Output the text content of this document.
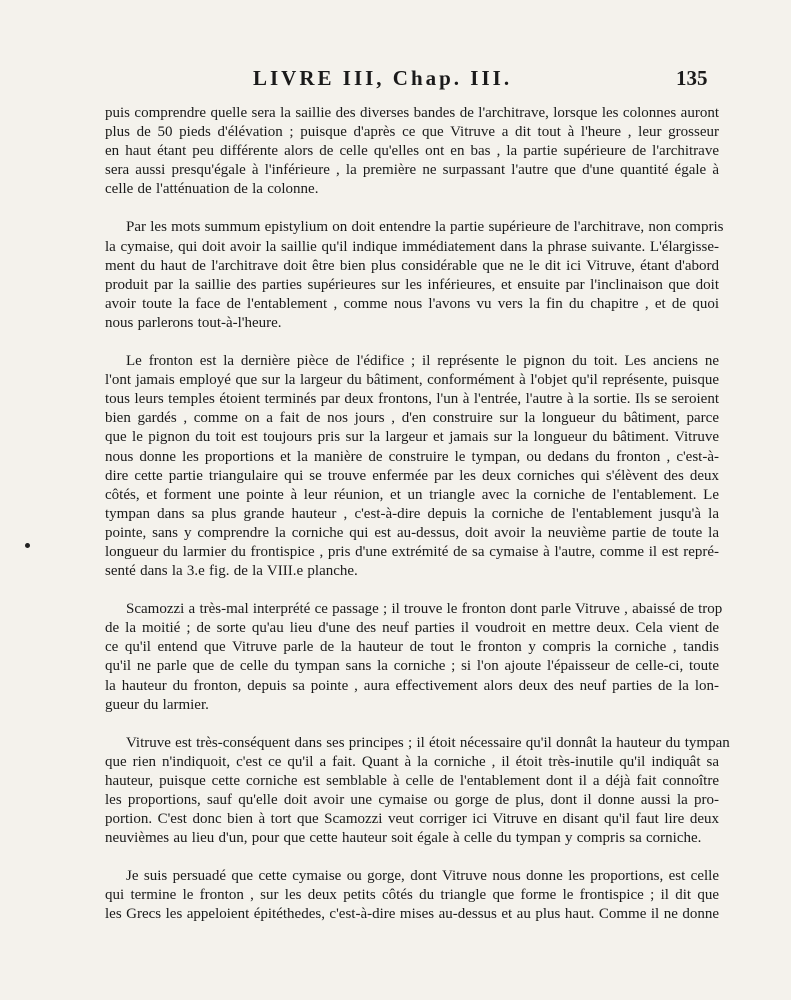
LIVRE III, Chap. III.	135
puis comprendre quelle sera la saillie des diverses bandes de l'architrave, lorsque les colonnes auront
plus de 50 pieds d'élévation ; puisque d'après ce que Vitruve a dit tout à l'heure , leur grosseur
en haut étant peu différente alors de celle qu'elles ont en bas , la partie supérieure de l'architrave
sera aussi presqu'égale à l'inférieure , la première ne surpassant l'autre que d'une quantité égale à
celle de l'atténuation de la colonne.
Par les mots summum epistylium on doit entendre la partie supérieure de l'architrave, non compris
la cymaise, qui doit avoir la saillie qu'il indique immédiatement dans la phrase suivante. L'élargisse-
ment du haut de l'architrave doit être bien plus considérable que ne le dit ici Vitruve, étant d'abord
produit par la saillie des parties supérieures sur les inférieures, et ensuite par l'inclinaison que doit
avoir toute la face de l'entablement , comme nous l'avons vu vers la fin du chapitre , et de quoi
nous parlerons tout-à-l'heure.
Le fronton est la dernière pièce de l'édifice ; il représente le pignon du toit. Les anciens ne
l'ont jamais employé que sur la largeur du bâtiment, conformément à l'objet qu'il représente, puisque
tous leurs temples étoient terminés par deux frontons, l'un à l'entrée, l'autre à la sortie. Ils se seroient
bien gardés , comme on a fait de nos jours , d'en construire sur la longueur du bâtiment, parce
que le pignon du toit est toujours pris sur la largeur et jamais sur la longueur du bâtiment. Vitruve
nous donne les proportions et la manière de construire le tympan, ou dedans du fronton , c'est-à-
dire cette partie triangulaire qui se trouve enfermée par les deux corniches qui s'élèvent des deux
côtés, et forment une pointe à leur réunion, et un triangle avec la corniche de l'entablement. Le
tympan dans sa plus grande hauteur , c'est-à-dire depuis la corniche de l'entablement jusqu'à la
pointe, sans y comprendre la corniche qui est au-dessus, doit avoir la neuvième partie de toute la
longueur du larmier du frontispice , pris d'une extrémité de sa cymaise à l'autre, comme il est repré-
senté dans la 3.e fig. de la VIII.e planche.
Scamozzi a très-mal interprété ce passage ; il trouve le fronton dont parle Vitruve , abaissé de trop
de la moitié ; de sorte qu'au lieu d'une des neuf parties il voudroit en mettre deux. Cela vient de
ce qu'il entend que Vitruve parle de la hauteur de tout le fronton y compris la corniche , tandis
qu'il ne parle que de celle du tympan sans la corniche ; si l'on ajoute l'épaisseur de celle-ci, toute
la hauteur du fronton, depuis sa pointe , aura effectivement alors deux des neuf parties de la lon-
gueur du larmier.
Vitruve est très-conséquent dans ses principes ; il étoit nécessaire qu'il donnât la hauteur du tympan
que rien n'indiquoit, c'est ce qu'il a fait. Quant à la corniche , il étoit très-inutile qu'il indiquât sa
hauteur, puisque cette corniche est semblable à celle de l'entablement dont il a déjà fait connoître
les proportions, sauf qu'elle doit avoir une cymaise ou gorge de plus, dont il donne aussi la pro-
portion. C'est donc bien à tort que Scamozzi veut corriger ici Vitruve en disant qu'il faut lire deux
neuvièmes au lieu d'un, pour que cette hauteur soit égale à celle du tympan y compris sa corniche.
Je suis persuadé que cette cymaise ou gorge, dont Vitruve nous donne les proportions, est celle
qui termine le fronton , sur les deux petits côtés du triangle que forme le frontispice ; il dit que
les Grecs les appeloient épitéthedes, c'est-à-dire mises au-dessus et au plus haut. Comme il ne donne
